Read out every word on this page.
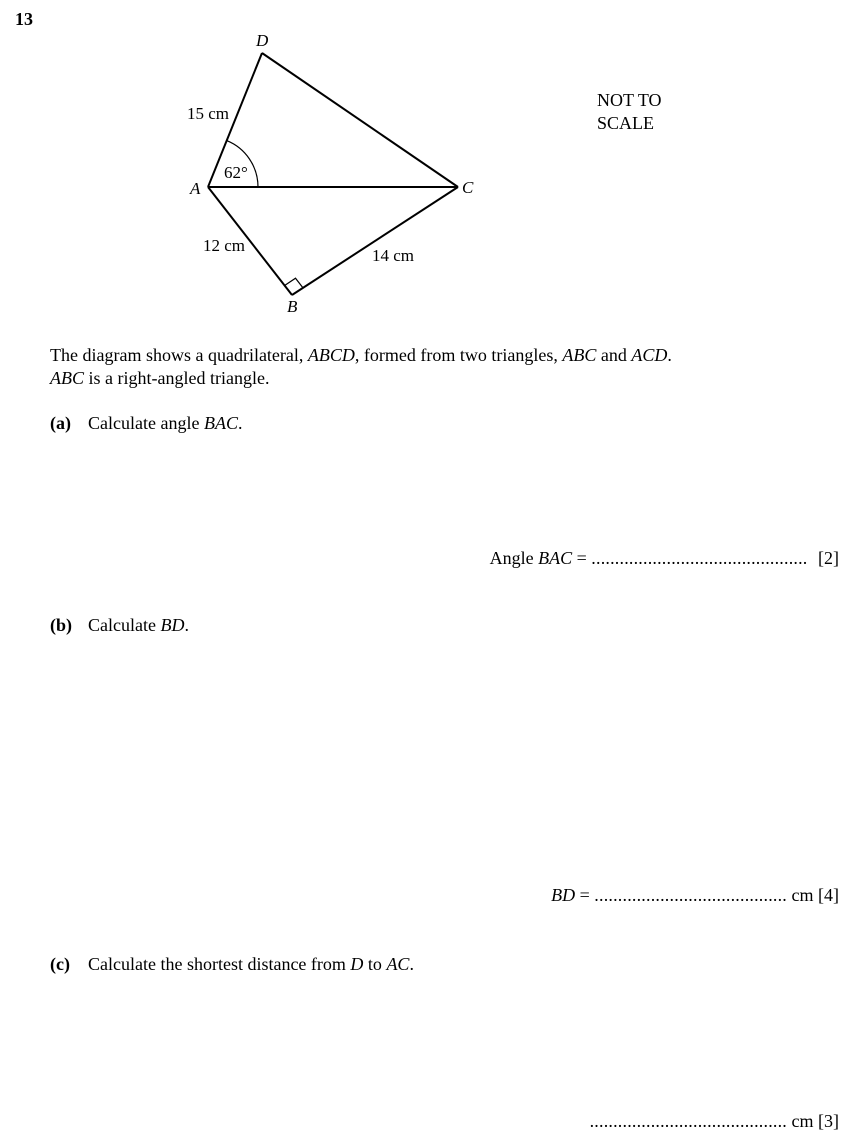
13
D
A	C
B
15 cm
12 cm
14 cm
62°
NOT TO
SCALE
The diagram shows a quadrilateral, ABCD, formed from two triangles, ABC and ACD.
ABC is a right-angled triangle.
(a) Calculate angle BAC.
Angle BAC = .............................................. [2]
(b) Calculate BD.
BD = ......................................... cm [4]
(c) Calculate the shortest distance from D to AC.
.......................................... cm [3]
